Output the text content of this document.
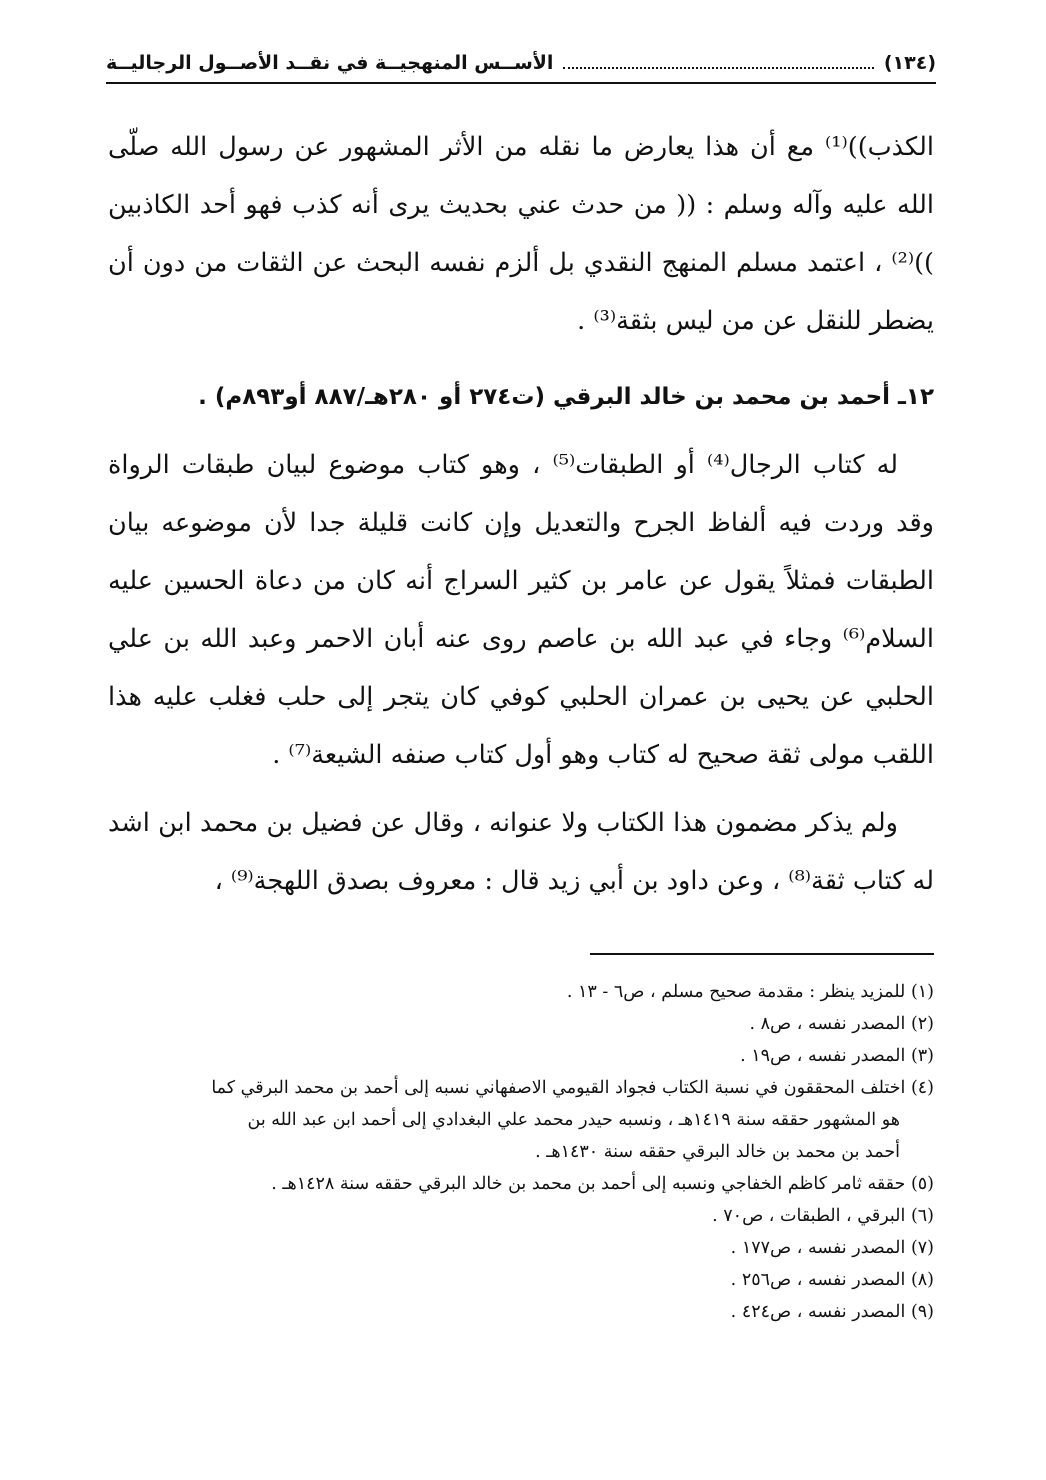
(١٣٤)
الأســس المنهجيــة في نقــد الأصــول الرجاليــة

الكذب))⁽¹⁾ مع أن هذا يعارض ما نقله من الأثر المشهور عن رسول الله صلّى الله عليه وآله وسلم : (( من حدث عني بحديث يرى أنه كذب فهو أحد الكاذبين ))⁽²⁾ ، اعتمد مسلم المنهج النقدي بل ألزم نفسه البحث عن الثقات من دون أن يضطر للنقل عن من ليس بثقة⁽³⁾ .

١٢ـ أحمد بن محمد بن خالد البرقي (ت٢٧٤ أو ٢٨٠هـ/٨٨٧ أو٨٩٣م) .

له كتاب الرجال⁽⁴⁾ أو الطبقات⁽⁵⁾ ، وهو كتاب موضوع لبيان طبقات الرواة وقد وردت فيه ألفاظ الجرح والتعديل وإن كانت قليلة جدا لأن موضوعه بيان الطبقات فمثلاً يقول عن عامر بن كثير السراج أنه كان من دعاة الحسين عليه السلام⁽⁶⁾ وجاء في عبد الله بن عاصم روى عنه أبان الاحمر وعبد الله بن علي الحلبي عن يحيى بن عمران الحلبي كوفي كان يتجر إلى حلب فغلب عليه هذا اللقب مولى ثقة صحيح له كتاب وهو أول كتاب صنفه الشيعة⁽⁷⁾ .

ولم يذكر مضمون هذا الكتاب ولا عنوانه ، وقال عن فضيل بن محمد ابن اشد له كتاب ثقة⁽⁸⁾ ، وعن داود بن أبي زيد قال : معروف بصدق اللهجة⁽⁹⁾ ،

(١) للمزيد ينظر : مقدمة صحيح مسلم ، ص٦ - ١٣ .

(٢) المصدر نفسه ، ص٨ .

(٣) المصدر نفسه ، ص١٩ .

(٤) اختلف المحققون في نسبة الكتاب فجواد القيومي الاصفهاني نسبه إلى أحمد بن محمد البرقي كما
هو المشهور حققه سنة ١٤١٩هـ ، ونسبه حيدر محمد علي البغدادي إلى أحمد ابن عبد الله بن
أحمد بن محمد بن خالد البرقي حققه سنة ١٤٣٠هـ .

(٥) حققه ثامر كاظم الخفاجي ونسبه إلى أحمد بن محمد بن خالد البرقي حققه سنة ١٤٢٨هـ .

(٦) البرقي ، الطبقات ، ص٧٠ .

(٧) المصدر نفسه ، ص١٧٧ .

(٨) المصدر نفسه ، ص٢٥٦ .

(٩) المصدر نفسه ، ص٤٢٤ .
